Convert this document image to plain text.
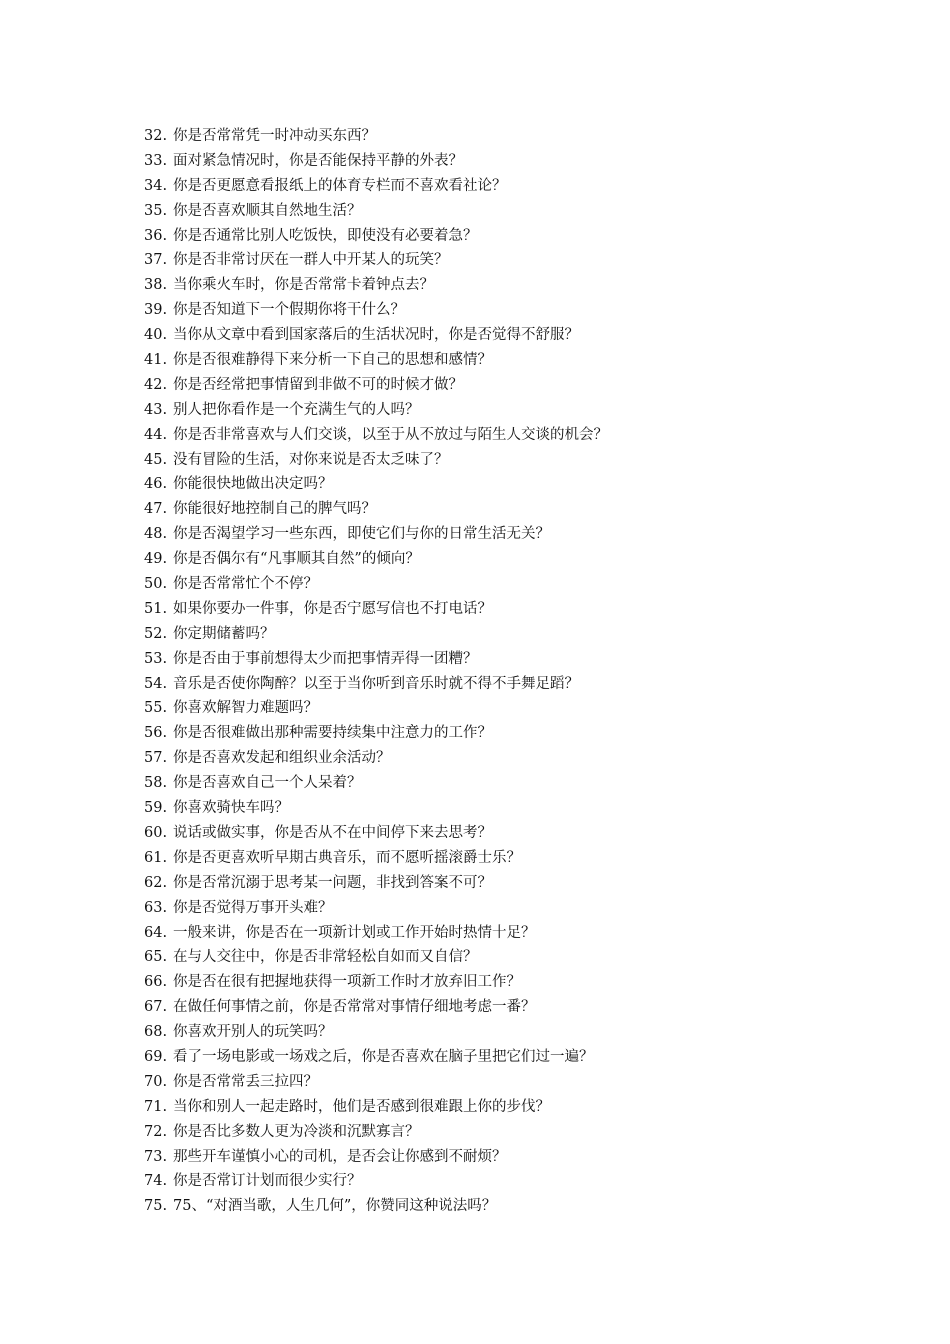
32. 你是否常常凭一时冲动买东西？
33. 面对紧急情况时，你是否能保持平静的外表？
34. 你是否更愿意看报纸上的体育专栏而不喜欢看社论？
35. 你是否喜欢顺其自然地生活？
36. 你是否通常比别人吃饭快，即使没有必要着急？
37. 你是否非常讨厌在一群人中开某人的玩笑？
38. 当你乘火车时，你是否常常卡着钟点去？
39. 你是否知道下一个假期你将干什么？
40. 当你从文章中看到国家落后的生活状况时，你是否觉得不舒服？
41. 你是否很难静得下来分析一下自己的思想和感情？
42. 你是否经常把事情留到非做不可的时候才做？
43. 别人把你看作是一个充满生气的人吗？
44. 你是否非常喜欢与人们交谈，以至于从不放过与陌生人交谈的机会？
45. 没有冒险的生活，对你来说是否太乏味了？
46. 你能很快地做出决定吗？
47. 你能很好地控制自己的脾气吗？
48. 你是否渴望学习一些东西，即使它们与你的日常生活无关？
49. 你是否偶尔有“凡事顺其自然”的倾向？
50. 你是否常常忙个不停？
51. 如果你要办一件事，你是否宁愿写信也不打电话？
52. 你定期储蓄吗？
53. 你是否由于事前想得太少而把事情弄得一团糟？
54. 音乐是否使你陶醉？以至于当你听到音乐时就不得不手舞足蹈？
55. 你喜欢解智力难题吗？
56. 你是否很难做出那种需要持续集中注意力的工作？
57. 你是否喜欢发起和组织业余活动？
58. 你是否喜欢自己一个人呆着？
59. 你喜欢骑快车吗？
60. 说话或做实事，你是否从不在中间停下来去思考？
61. 你是否更喜欢听早期古典音乐，而不愿听摇滚爵士乐？
62. 你是否常沉溺于思考某一问题，非找到答案不可？
63. 你是否觉得万事开头难？
64. 一般来讲，你是否在一项新计划或工作开始时热情十足？
65. 在与人交往中，你是否非常轻松自如而又自信？
66. 你是否在很有把握地获得一项新工作时才放弃旧工作？
67. 在做任何事情之前，你是否常常对事情仔细地考虑一番？
68. 你喜欢开别人的玩笑吗？
69. 看了一场电影或一场戏之后，你是否喜欢在脑子里把它们过一遍？
70. 你是否常常丢三拉四？
71. 当你和别人一起走路时，他们是否感到很难跟上你的步伐？
72. 你是否比多数人更为冷淡和沉默寡言？
73. 那些开车谨慎小心的司机，是否会让你感到不耐烦？
74. 你是否常订计划而很少实行？
75. 75、“对酒当歌，人生几何”，你赞同这种说法吗？
